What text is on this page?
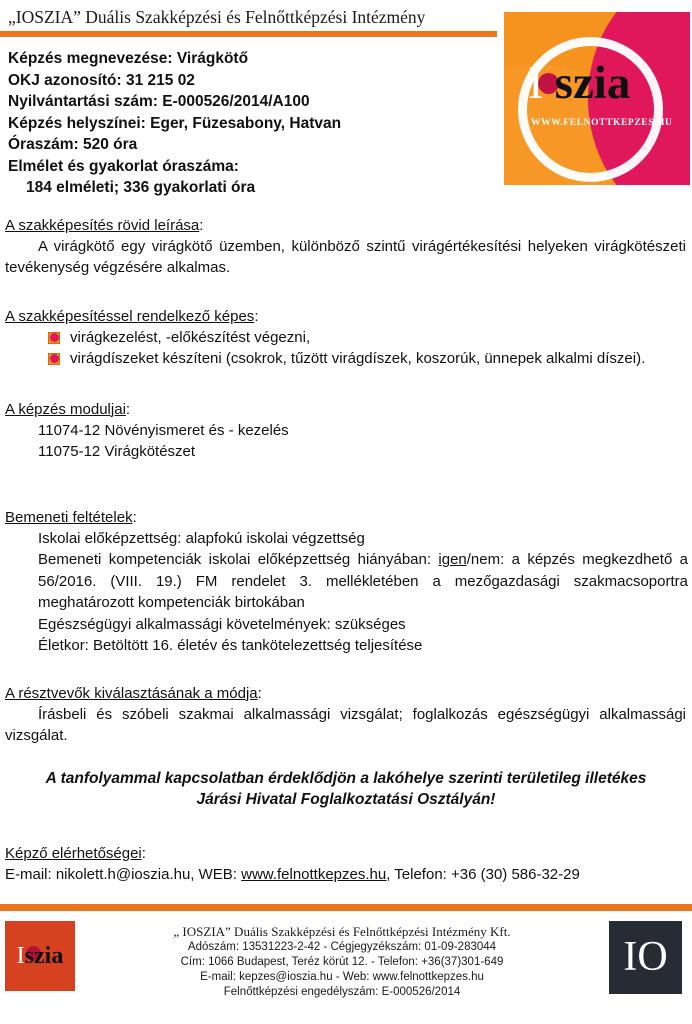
„IOSZIA” Duális Szakképzési és Felnőttképzési Intézmény
I szia
WWW.FELNOTTKEPZES.HU
Képzés megnevezése: Virágkötő
OKJ azonosító: 31 215 02
Nyilvántartási szám: E-000526/2014/A100
Képzés helyszínei: Eger, Füzesabony, Hatvan
Óraszám: 520 óra
Elmélet és gyakorlat óraszáma:
184 elméleti; 336 gyakorlati óra
A szakképesítés rövid leírása:
A virágkötő egy virágkötő üzemben, különböző szintű virágértékesítési helyeken virágkötészeti tevékenység végzésére alkalmas.
A szakképesítéssel rendelkező képes:
virágkezelést, -előkészítést végezni,
virágdíszeket készíteni (csokrok, tűzött virágdíszek, koszorúk, ünnepek alkalmi díszei).
A képzés moduljai:
11074-12 Növényismeret és - kezelés
11075-12 Virágkötészet
Bemeneti feltételek:
Iskolai előképzettség: alapfokú iskolai végzettség
Bemeneti kompetenciák iskolai előképzettség hiányában: igen/nem: a képzés megkezdhető a 56/2016. (VIII. 19.) FM rendelet 3. mellékletében a mezőgazdasági szakmacsoportra meghatározott kompetenciák birtokában
Egészségügyi alkalmassági követelmények: szükséges
Életkor: Betöltött 16. életév és tankötelezettség teljesítése
A résztvevők kiválasztásának a módja:
Írásbeli és szóbeli szakmai alkalmassági vizsgálat; foglalkozás egészségügyi alkalmassági vizsgálat.
A tanfolyammal kapcsolatban érdeklődjön a lakóhelye szerinti területileg illetékes Járási Hivatal Foglalkoztatási Osztályán!
Képző elérhetőségei:
E-mail: nikolett.h@ioszia.hu, WEB: www.felnottkepzes.hu, Telefon: +36 (30) 586-32-29
I
szia
„ IOSZIA” Duális Szakképzési és Felnőttképzési Intézmény Kft.
Adószám: 13531223-2-42 - Cégjegyzékszám: 01-09-283044
Cím: 1066 Budapest, Teréz körút 12. - Telefon: +36(37)301-649
E-mail: kepzes@ioszia.hu - Web: www.felnottkepzes.hu
Felnőttképzési engedélyszám: E-000526/2014
IO
